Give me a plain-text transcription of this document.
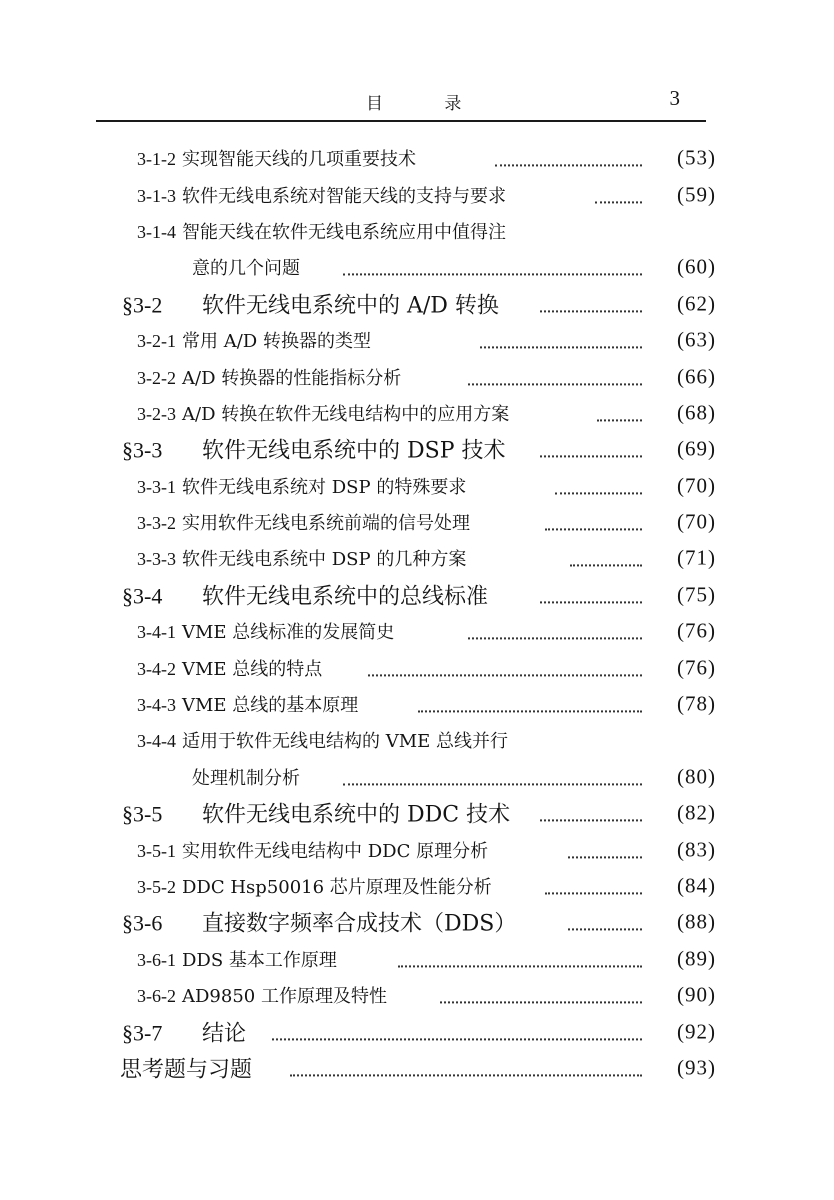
目 录	3
3-1-2 实现智能天线的几项重要技术	(53)
3-1-3 软件无线电系统对智能天线的支持与要求	(59)
3-1-4 智能天线在软件无线电系统应用中值得注
意的几个问题	(60)
§3-2 软件无线电系统中的 A/D 转换	(62)
3-2-1 常用 A/D 转换器的类型	(63)
3-2-2 A/D 转换器的性能指标分析	(66)
3-2-3 A/D 转换在软件无线电结构中的应用方案	(68)
§3-3 软件无线电系统中的 DSP 技术	(69)
3-3-1 软件无线电系统对 DSP 的特殊要求	(70)
3-3-2 实用软件无线电系统前端的信号处理	(70)
3-3-3 软件无线电系统中 DSP 的几种方案	(71)
§3-4 软件无线电系统中的总线标准	(75)
3-4-1 VME 总线标准的发展简史	(76)
3-4-2 VME 总线的特点	(76)
3-4-3 VME 总线的基本原理	(78)
3-4-4 适用于软件无线电结构的 VME 总线并行
处理机制分析	(80)
§3-5 软件无线电系统中的 DDC 技术	(82)
3-5-1 实用软件无线电结构中 DDC 原理分析	(83)
3-5-2 DDC Hsp50016 芯片原理及性能分析	(84)
§3-6 直接数字频率合成技术（DDS）	(88)
3-6-1 DDS 基本工作原理	(89)
3-6-2 AD9850 工作原理及特性	(90)
§3-7 结论	(92)
思考题与习题	(93)
